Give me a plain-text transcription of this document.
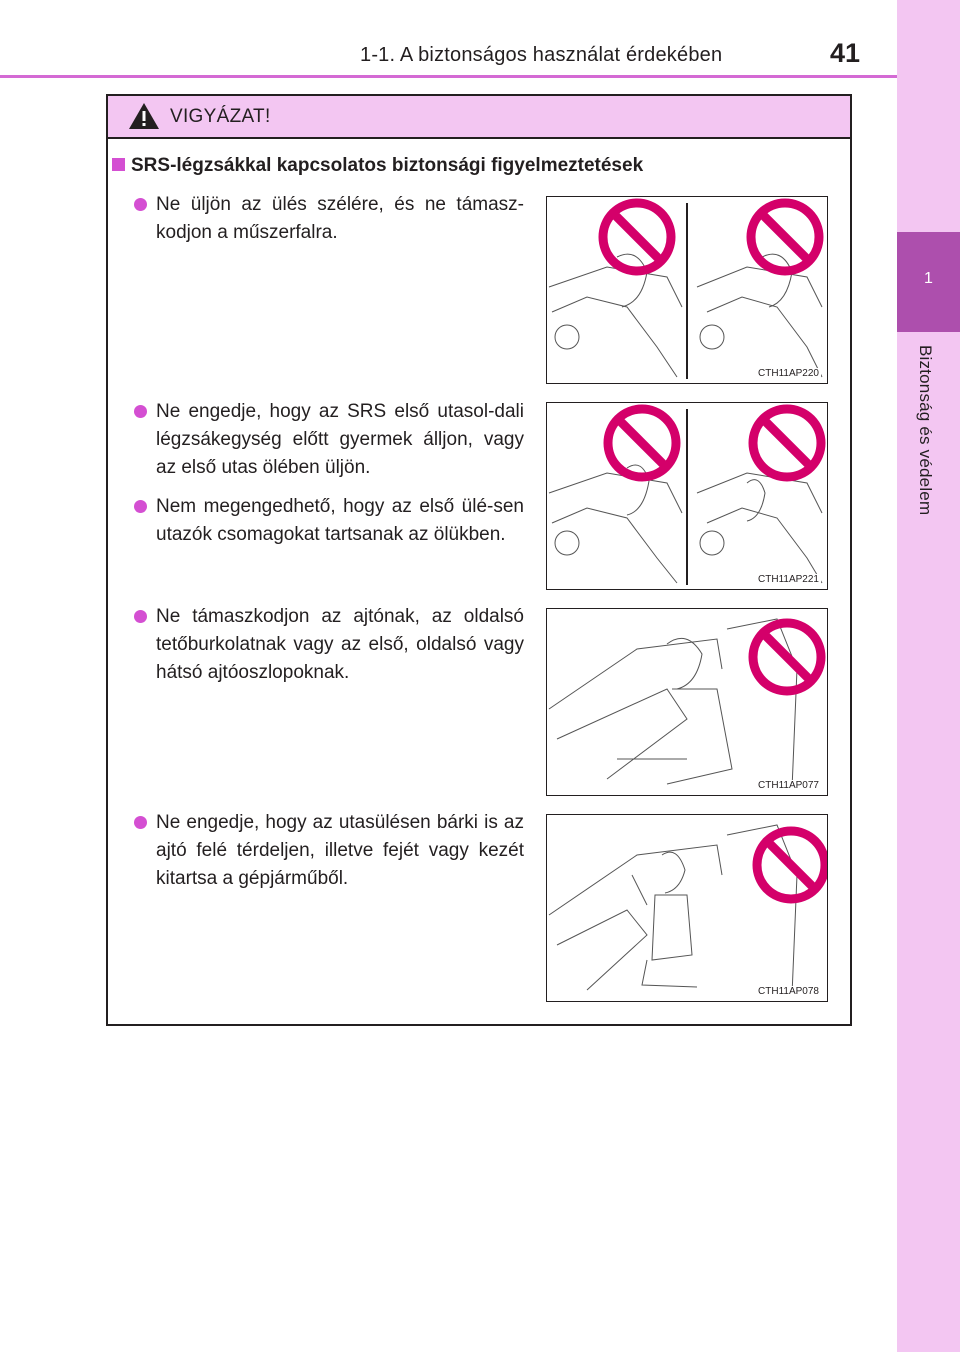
1-1. A biztonságos használat érdekében	41
1
Biztonság és védelem
VIGYÁZAT!
SRS-légzsákkal kapcsolatos biztonsági figyelmeztetések
Ne üljön az ülés szélére, és ne támasz-kodjon a műszerfalra.
Ne engedje, hogy az SRS első utasol-dali légzsákegység előtt gyermek álljon, vagy az első utas ölében üljön.
Nem megengedhető, hogy az első ülé-sen utazók csomagokat tartsanak az ölükben.
Ne támaszkodjon az ajtónak, az oldalsó tetőburkolatnak vagy az első, oldalsó vagy hátsó ajtóoszlopoknak.
Ne engedje, hogy az utasülésen bárki is az ajtó felé térdeljen, illetve fejét vagy kezét kitartsa a gépjárműből.
CTH11AP220
CTH11AP221
CTH11AP077
CTH11AP078
